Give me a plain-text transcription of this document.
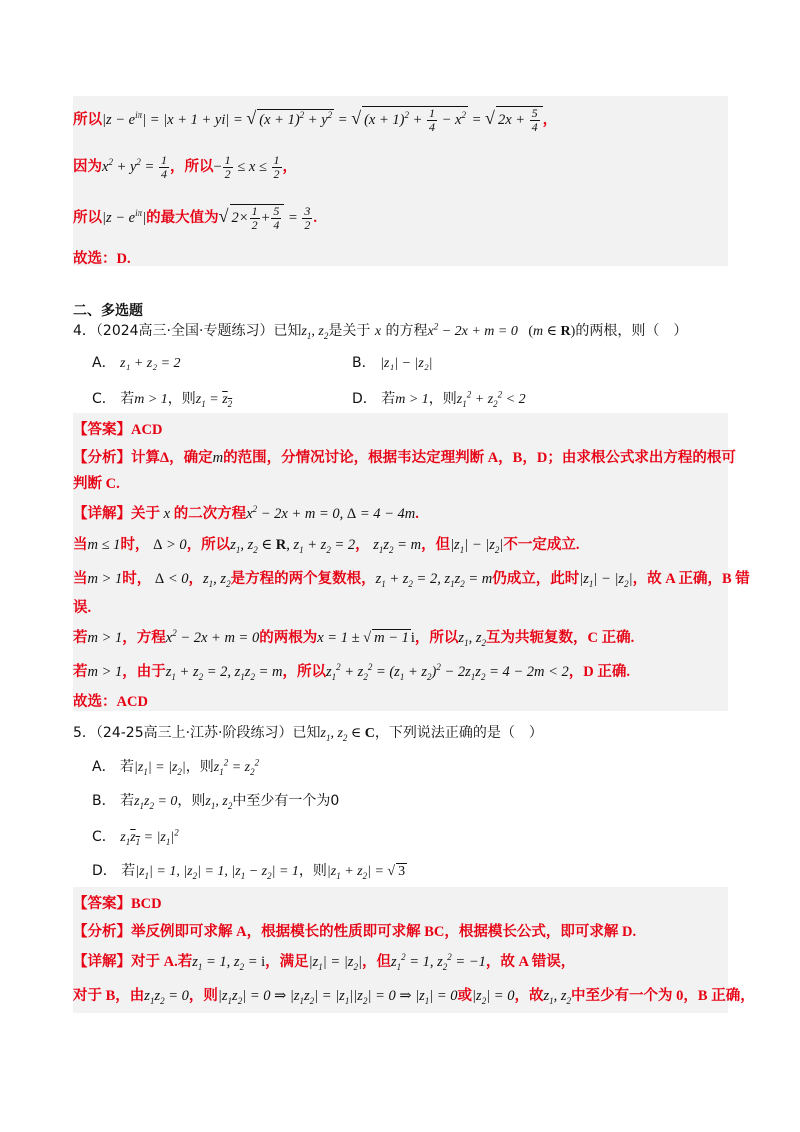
所以$|z - e^{i\pi}| = |x + 1 + yi|$ = √ $(x + 1)^2 + y^2$ = √ $(x + 1)^2 + \frac{1}{4} - x^2$ = √ $2x + \frac{5}{4}$ ，
因为$x^2 + y^2 = \frac{1}{4}$ ，所以− $\frac{1}{2} \le x \le \frac{1}{2}$ ，
所以$|z - e^{i\pi}|$的最大值为√ $2\times \frac{1}{2} + \frac{5}{4} = \frac{3}{2}$ .
故选：D.
二、多选题
4．（2024高三·全国·专题练习）已知$z_1$, $z_2$是关于 x 的方程$x^2 - 2x + m = 0$   (m ∈ R)的两根，则（　）
A． z₁ + z₂ = 2	B． |z₁| − |z₂|
C． 若m > 1，则$z_1 = z_2$	D． 若m > 1，则$z_1^2 + z_2^2 < 2$
【答案】ACD
【分析】计算Δ，确定m的范围，分情况讨论，根据韦达定理判断 A，B，D；由求根公式求出方程的根可
判断 C.
【详解】关于 x 的二次方程$x^2 - 2x + m = 0$, Δ = 4 − 4m.
当m ≤ 1时， Δ > 0，所以$z_1$, $z_2$ ∈ R, $z_1 + z_2 = 2$， $z_1z_2 = m$，但$|z_1| - |z_2|$不一定成立.
当m > 1时， Δ < 0，$z_1$, $z_2$是方程的两个复数根，$z_1 + z_2 = 2$, $z_1z_2 = m$仍成立，此时$|z_1| - |z_2|$，故 A 正确，B 错
误.
若m > 1，方程$x^2 - 2x + m = 0$的两根为x = 1 ± √ m − 1 i，所以$z_1$, $z_2$互为共轭复数，C 正确.
若m > 1，由于$z_1 + z_2 = 2$, $z_1z_2 = m$，所以$z_1^2 + z_2^2 = (z_1 + z_2)^2 - 2z_1z_2 = 4 - 2m < 2$，D 正确.
故选：ACD
5．（24-25高三上·江苏·阶段练习）已知$z_1$, $z_2$ ∈ C，下列说法正确的是（　）
A． 若$|z_1| = |z_2|$，则$z_1^2 = z_2^2$
B． 若$z_1z_2 = 0$，则$z_1$, $z_2$中至少有一个为0
C． $z_1z_1 = |z_1|^2$
D． 若$|z_1| = 1$, $|z_2| = 1$, $|z_1 - z_2| = 1$，则$|z_1 + z_2|$ = √ 3
【答案】BCD
【分析】举反例即可求解 A，根据模长的性质即可求解 BC，根据模长公式，即可求解 D.
【详解】对于 A.若$z_1 = 1$, $z_2 = i$，满足$|z_1| = |z_2|$，但$z_1^2 = 1$, $z_2^2 = -1$，故 A 错误，
对于 B，由$z_1z_2 = 0$，则$|z_1z_2| = 0$ ⇒ $|z_1z_2| = |z_1||z_2| = 0$ ⇒ $|z_1| = 0$或$|z_2| = 0$，故$z_1$, $z_2$中至少有一个为 0，B 正确，
